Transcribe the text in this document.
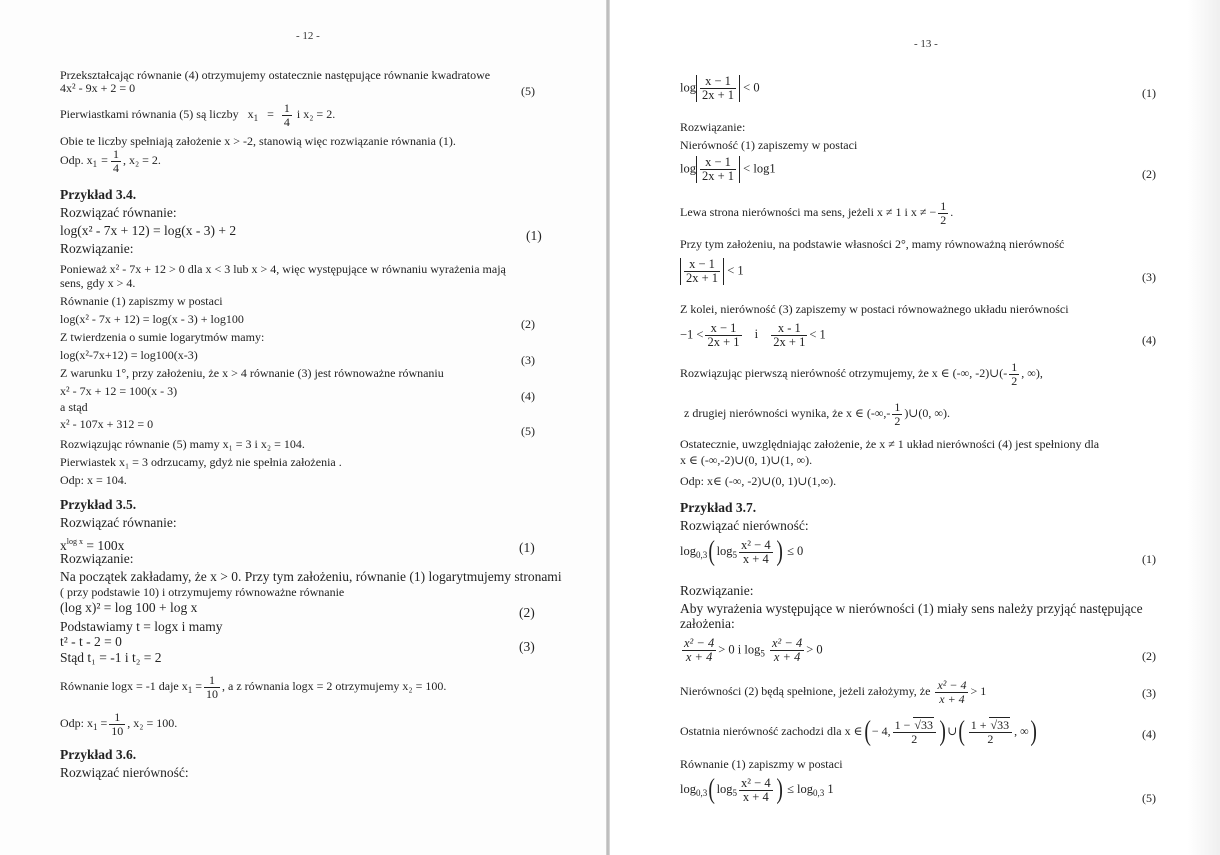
- 12 -
Przekształcając równanie (4) otrzymujemy ostatecznie następujące równanie kwadratowe
4x² - 9x + 2 = 0	(5)
Pierwiastkami równania (5) są liczby $x_1 = \frac{1}{4}$ i x₂ = 2.
Obie te liczby spełniają założenie x > -2, stanowią więc rozwiązanie równania (1).
Odp. $x_1 = \frac{1}{4}$ , x₂ = 2.
Przykład 3.4.
Rozwiązać równanie:
log(x² - 7x + 12) = log(x - 3) + 2	(1)
Rozwiązanie:
Ponieważ x² - 7x + 12 > 0 dla x < 3 lub x > 4, więc występujące w równaniu wyrażenia mają
sens, gdy x > 4.
Równanie (1) zapiszmy w postaci
log(x² - 7x + 12) = log(x - 3) + log100	(2)
Z twierdzenia o sumie logarytmów mamy:
log(x²-7x+12) = log100(x-3)	(3)
Z warunku 1°, przy założeniu, że x > 4 równanie (3) jest równoważne równaniu
x² - 7x + 12 = 100(x - 3)	(4)
a stąd
x² - 107x + 312 = 0	(5)
Rozwiązując równanie (5) mamy x₁ = 3 i x₂ = 104.
Pierwiastek x₁ = 3 odrzucamy, gdyż nie spełnia założenia .
Odp: x = 104.
Przykład 3.5.
Rozwiązać równanie:
$x^{log x} = 100x$	(1)
Rozwiązanie:
Na początek zakładamy, że x > 0. Przy tym założeniu, równanie (1) logarytmujemy stronami
( przy podstawie 10) i otrzymujemy równoważne równanie
(log x)² = log 100 + log x	(2)
Podstawiamy t = logx i mamy
t² - t - 2 = 0	(3)
Stąd t₁ = -1 i t₂ = 2
Równanie logx = -1 daje $x_1 = \frac{1}{10}$ , a z równania logx = 2 otrzymujemy x₂ = 100.
Odp: $x_1 = \frac{1}{10}$ , x₂ = 100.
Przykład 3.6.
Rozwiązać nierówność:
- 13 -
$\log \frac{x - 1}{2x + 1} < 0$	(1)
Rozwiązanie:
Nierówność (1) zapiszemy w postaci
$\log \frac{x - 1}{2x + 1} < \log 1$	(2)
Lewa strona nierówności ma sens, jeżeli x ≠ 1 i x ≠ − $\frac{1}{2}$ .
Przy tym założeniu, na podstawie własności 2°, mamy równoważną nierówność
$\frac{x - 1}{2x + 1} < 1$	(3)
Z kolei, nierówność (3) zapiszemy w postaci równoważnego układu nierówności
$-1 < \frac{x - 1}{2x + 1}$ i $\frac{x - 1}{2x + 1} < 1$	(4)
Rozwiązując pierwszą nierówność otrzymujemy, że x ∈ (-∞, -2)∪(- $\frac{1}{2}$ , ∞),
z drugiej nierówności wynika, że x ∈ (-∞,- $\frac{1}{2}$ )∪(0, ∞).
Ostatecznie, uwzględniając założenie, że x ≠ 1 układ nierówności (4) jest spełniony dla
x ∈ (-∞,-2)∪(0, 1)∪(1, ∞).
Odp: x∈ (-∞, -2)∪(0, 1)∪(1,∞).
Przykład 3.7.
Rozwiązać nierówność:
$\log_{0,3}(\log_5 \frac{\text{x² − 4}}{x + 4}$ ) ≤ 0
(1)
Rozwiązanie:
Aby wyrażenia występujące w nierówności (1) miały sens należy przyjąć następujące
założenia:
$\frac{\text{x² − 4}}{x + 4} > 0$ i $\log_5 \frac{\text{x² − 4}}{x + 4} > 0$	(2)
Nierówności (2) będą spełnione, jeżeli założymy, że $\frac{\text{x² − 4}}{x + 4} > 1$	(3)
Ostatnia nierówność zachodzi dla x ∈(− 4, $\frac{1 - √33}{2}$ )∪( $\frac{1 + √33}{2}$ , ∞)	(4)
Równanie (1) zapiszmy w postaci
$\log_{0,3}(\log_5 \frac{\text{x² − 4}}{x + 4}$ ) ≤ $\log_{0,3} 1$
(5)
